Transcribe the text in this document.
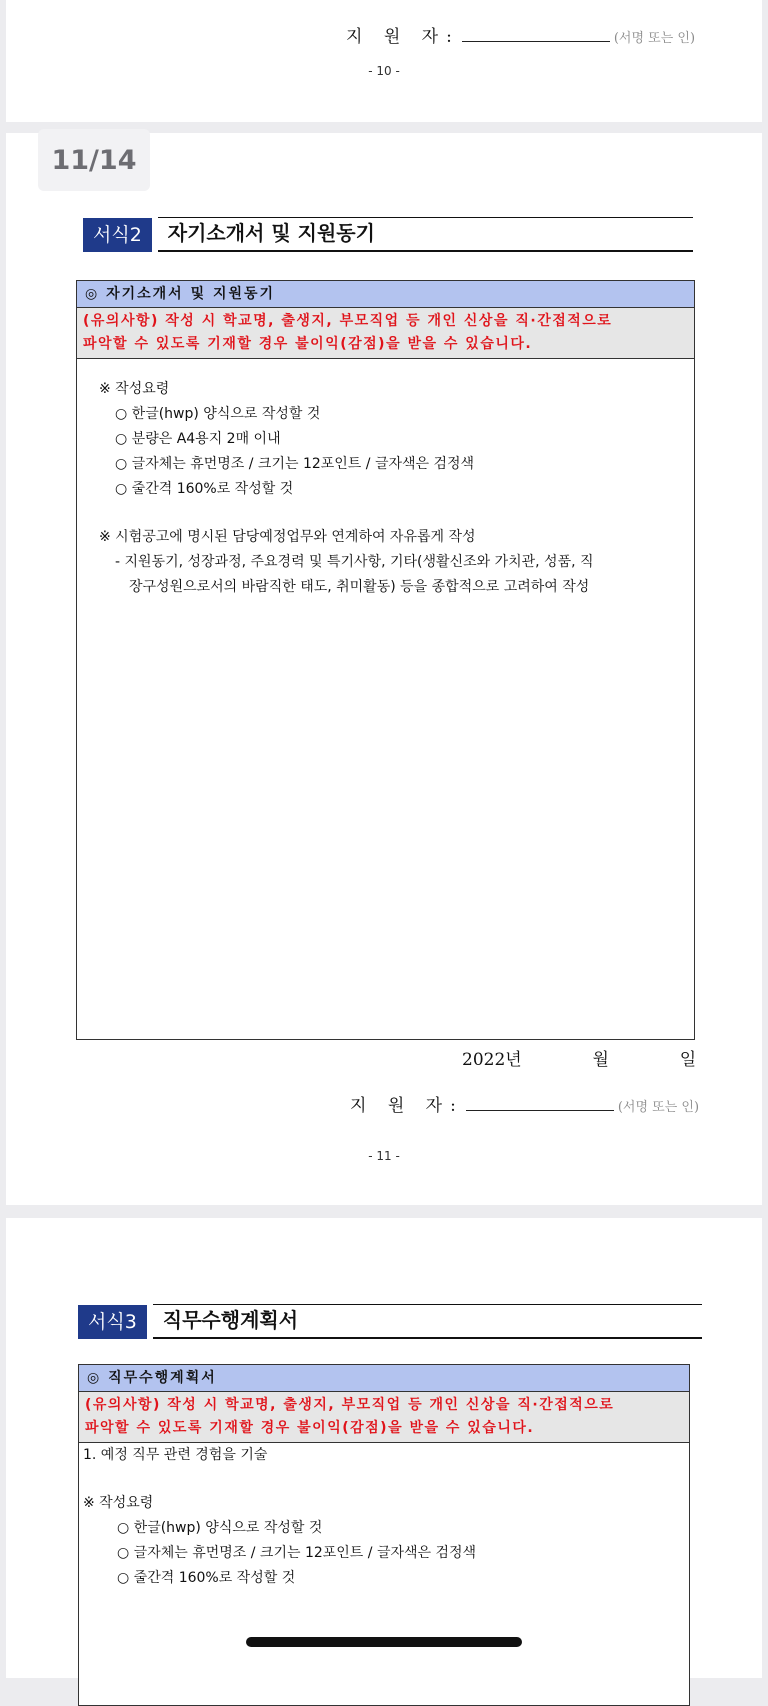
지 원 자 :	(서명 또는 인)
- 10 -
11/14
서식2	자기소개서 및 지원동기
◎ 자기소개서 및 지원동기
(유의사항) 작성 시 학교명, 출생지, 부모직업 등 개인 신상을 직·간접적으로
파악할 수 있도록 기재할 경우 불이익(감점)을 받을 수 있습니다.
※ 작성요령
○ 한글(hwp) 양식으로 작성할 것
○ 분량은 A4용지 2매 이내
○ 글자체는 휴먼명조 / 크기는 12포인트 / 글자색은 검정색
○ 줄간격 160%로 작성할 것
※ 시험공고에 명시된 담당예정업무와 연계하여 자유롭게 작성
- 지원동기, 성장과정, 주요경력 및 특기사항, 기타(생활신조와 가치관, 성품, 직
장구성원으로서의 바람직한 태도, 취미활동) 등을 종합적으로 고려하여 작성
2022년	월	일
지 원 자 :	(서명 또는 인)
- 11 -
서식3	직무수행계획서
◎ 직무수행계획서
(유의사항) 작성 시 학교명, 출생지, 부모직업 등 개인 신상을 직·간접적으로
파악할 수 있도록 기재할 경우 불이익(감점)을 받을 수 있습니다.
1. 예정 직무 관련 경험을 기술
※ 작성요령
○ 한글(hwp) 양식으로 작성할 것
○ 글자체는 휴먼명조 / 크기는 12포인트 / 글자색은 검정색
○ 줄간격 160%로 작성할 것
